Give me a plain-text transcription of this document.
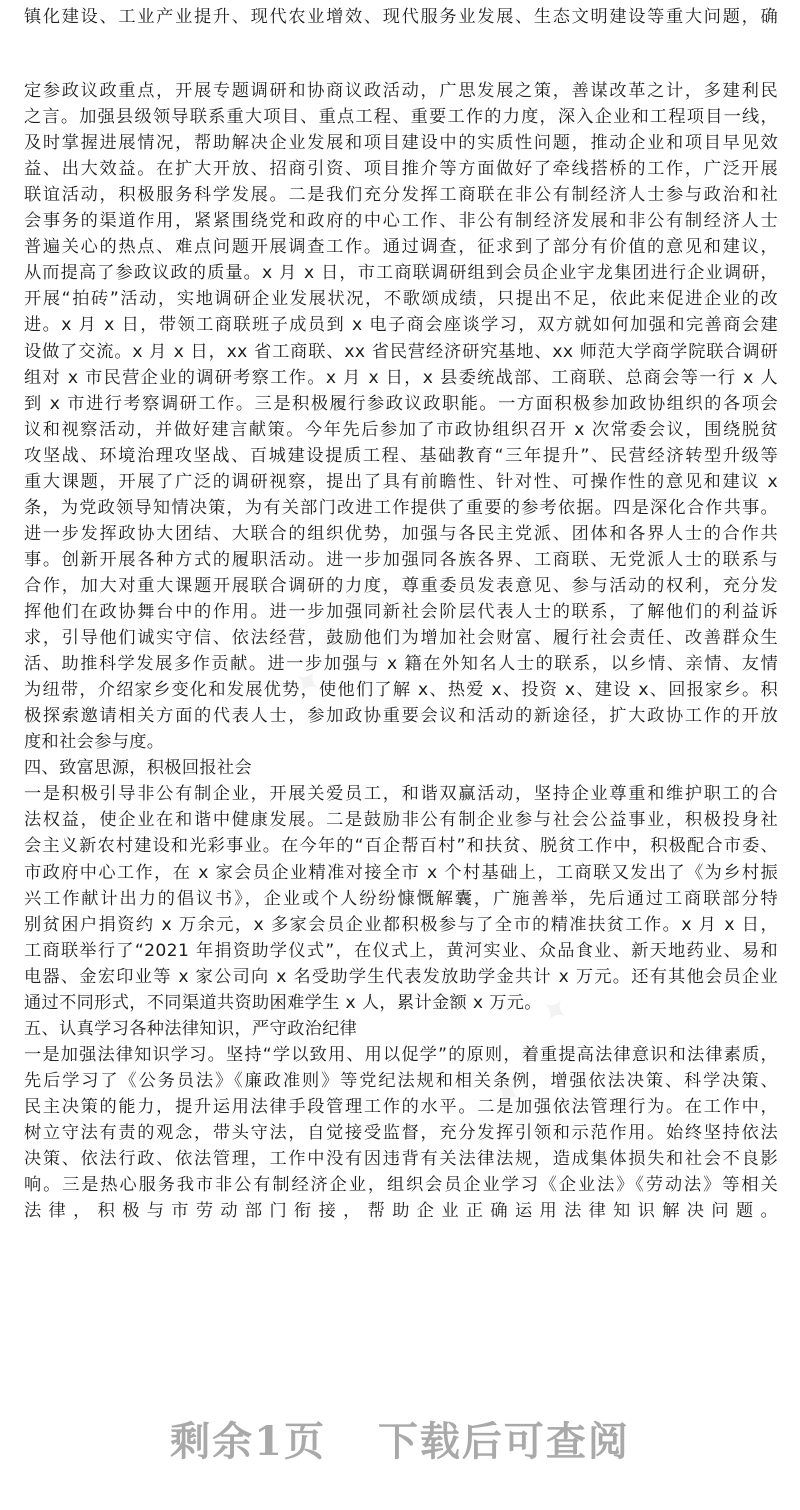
✦ ✦ ✦
✦ ✦ ✦
镇化建设、工业产业提升、现代农业增效、现代服务业发展、生态文明建设等重大问题，确
定参政议政重点，开展专题调研和协商议政活动，广思发展之策，善谋改革之计，多建利民
之言。加强县级领导联系重大项目、重点工程、重要工作的力度，深入企业和工程项目一线，
及时掌握进展情况，帮助解决企业发展和项目建设中的实质性问题，推动企业和项目早见效
益、出大效益。在扩大开放、招商引资、项目推介等方面做好了牵线搭桥的工作，广泛开展
联谊活动，积极服务科学发展。二是我们充分发挥工商联在非公有制经济人士参与政治和社
会事务的渠道作用，紧紧围绕党和政府的中心工作、非公有制经济发展和非公有制经济人士
普遍关心的热点、难点问题开展调查工作。通过调查，征求到了部分有价值的意见和建议，
从而提高了参政议政的质量。x 月 x 日，市工商联调研组到会员企业宇龙集团进行企业调研，
开展“拍砖”活动，实地调研企业发展状况，不歌颂成绩，只提出不足，依此来促进企业的改
进。x 月 x 日，带领工商联班子成员到 x 电子商会座谈学习，双方就如何加强和完善商会建
设做了交流。x 月 x 日，xx 省工商联、xx 省民营经济研究基地、xx 师范大学商学院联合调研
组对 x 市民营企业的调研考察工作。x 月 x 日，x 县委统战部、工商联、总商会等一行 x 人
到 x 市进行考察调研工作。三是积极履行参政议政职能。一方面积极参加政协组织的各项会
议和视察活动，并做好建言献策。今年先后参加了市政协组织召开 x 次常委会议，围绕脱贫
攻坚战、环境治理攻坚战、百城建设提质工程、基础教育“三年提升”、民营经济转型升级等
重大课题，开展了广泛的调研视察，提出了具有前瞻性、针对性、可操作性的意见和建议 x
条，为党政领导知情决策，为有关部门改进工作提供了重要的参考依据。四是深化合作共事。
进一步发挥政协大团结、大联合的组织优势，加强与各民主党派、团体和各界人士的合作共
事。创新开展各种方式的履职活动。进一步加强同各族各界、工商联、无党派人士的联系与
合作，加大对重大课题开展联合调研的力度，尊重委员发表意见、参与活动的权利，充分发
挥他们在政协舞台中的作用。进一步加强同新社会阶层代表人士的联系，了解他们的利益诉
求，引导他们诚实守信、依法经营，鼓励他们为增加社会财富、履行社会责任、改善群众生
活、助推科学发展多作贡献。进一步加强与 x 籍在外知名人士的联系，以乡情、亲情、友情
为纽带，介绍家乡变化和发展优势，使他们了解 x、热爱 x、投资 x、建设 x、回报家乡。积
极探索邀请相关方面的代表人士，参加政协重要会议和活动的新途径，扩大政协工作的开放
度和社会参与度。
四、致富思源，积极回报社会
一是积极引导非公有制企业，开展关爱员工，和谐双赢活动，坚持企业尊重和维护职工的合
法权益，使企业在和谐中健康发展。二是鼓励非公有制企业参与社会公益事业，积极投身社
会主义新农村建设和光彩事业。在今年的“百企帮百村”和扶贫、脱贫工作中，积极配合市委、
市政府中心工作，在 x 家会员企业精准对接全市 x 个村基础上，工商联又发出了《为乡村振
兴工作献计出力的倡议书》，企业或个人纷纷慷慨解囊，广施善举，先后通过工商联部分特
别贫困户捐资约 x 万余元，x 多家会员企业都积极参与了全市的精准扶贫工作。x 月 x 日，
工商联举行了“2021 年捐资助学仪式”，在仪式上，黄河实业、众品食业、新天地药业、易和
电器、金宏印业等 x 家公司向 x 名受助学生代表发放助学金共计 x 万元。还有其他会员企业
通过不同形式，不同渠道共资助困难学生 x 人，累计金额 x 万元。
五、认真学习各种法律知识，严守政治纪律
一是加强法律知识学习。坚持“学以致用、用以促学”的原则，着重提高法律意识和法律素质，
先后学习了《公务员法》《廉政准则》等党纪法规和相关条例，增强依法决策、科学决策、
民主决策的能力，提升运用法律手段管理工作的水平。二是加强依法管理行为。在工作中，
树立守法有责的观念，带头守法，自觉接受监督，充分发挥引领和示范作用。始终坚持依法
决策、依法行政、依法管理，工作中没有因违背有关法律法规，造成集体损失和社会不良影
响。三是热心服务我市非公有制经济企业，组织会员企业学习《企业法》《劳动法》等相关
法律，积极与市劳动部门衔接，帮助企业正确运用法律知识解决问题。
剩余1页 下载后可查阅
